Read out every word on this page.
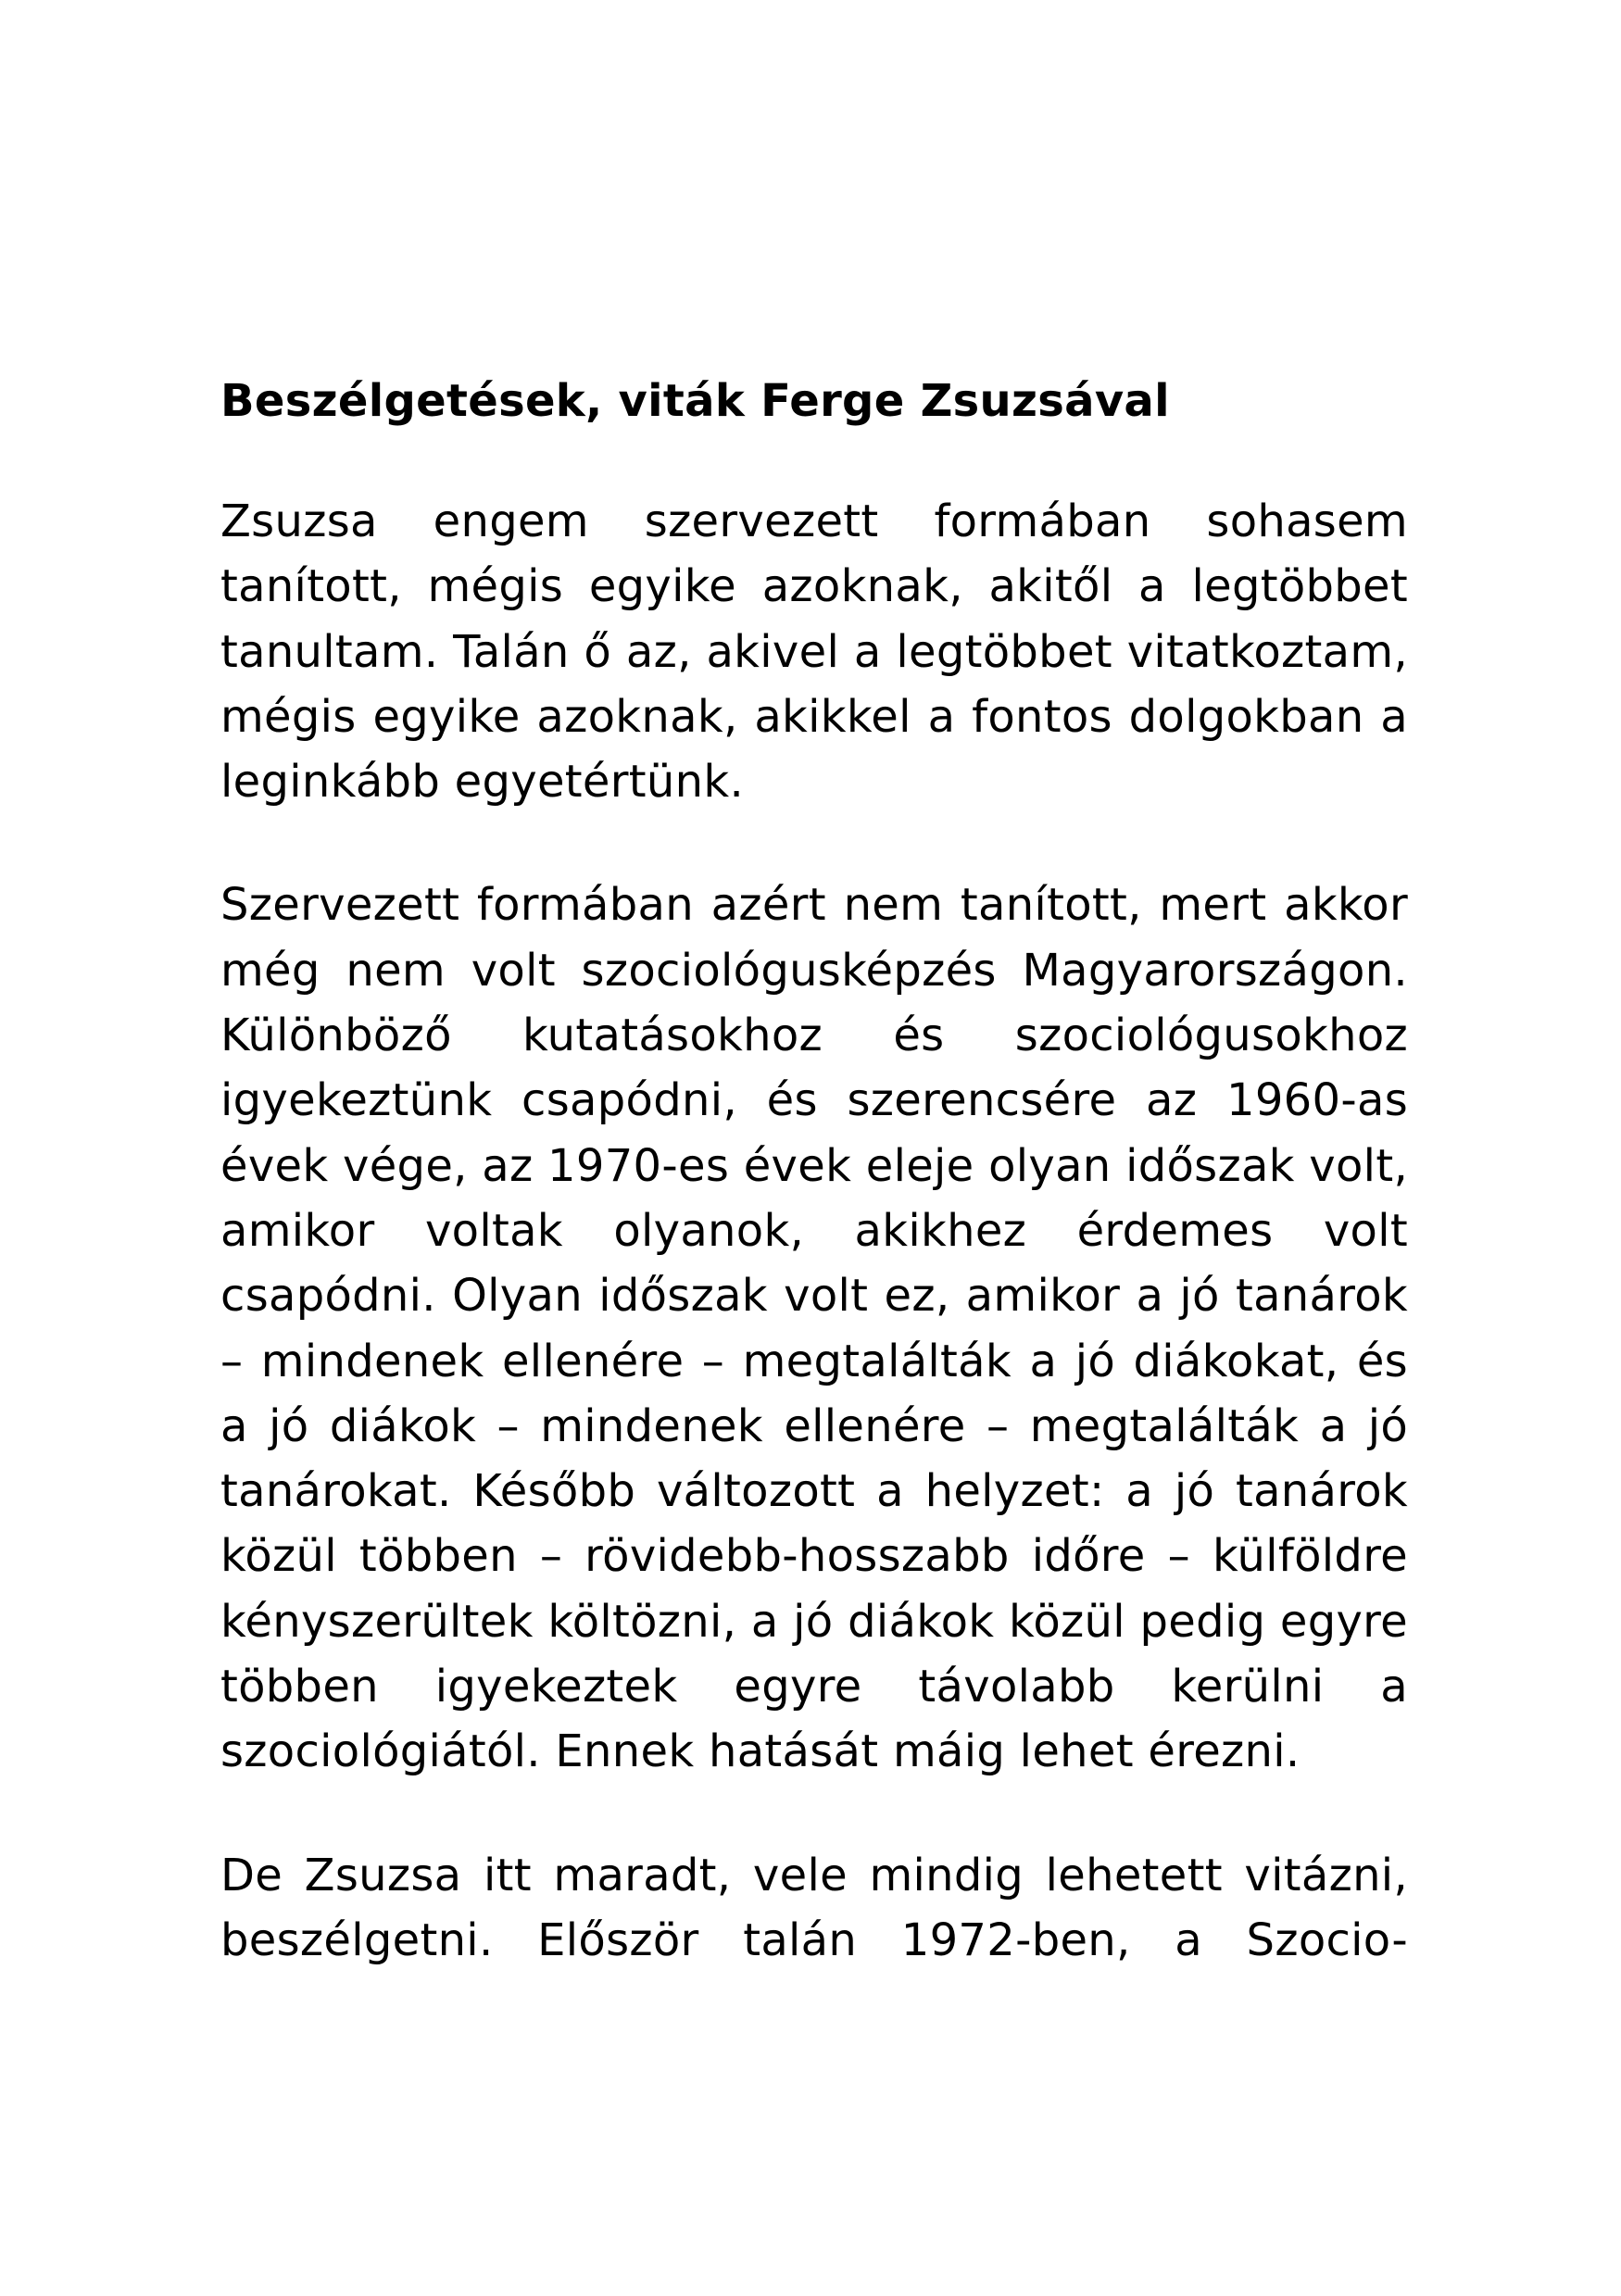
Beszélgetések, viták Ferge Zsuzsával

Zsuzsa engem szervezett formában sohasem tanított, mégis egyike azoknak, akitől a legtöbbet tanultam. Talán ő az, akivel a legtöbbet vitatkoztam, mégis egyike azoknak, akikkel a fontos dolgokban a leginkább egyetértünk.

Szervezett formában azért nem tanított, mert akkor még nem volt szociológusképzés Magyarországon. Különböző kutatásokhoz és szociológusokhoz igyekeztünk csapódni, és szerencsére az 1960-as évek vége, az 1970-es évek eleje olyan időszak volt, amikor voltak olyanok, akikhez érdemes volt csapódni. Olyan időszak volt ez, amikor a jó tanárok – mindenek ellenére – megtalálták a jó diákokat, és a jó diákok – mindenek ellenére – megtalálták a jó tanárokat. Később változott a helyzet: a jó tanárok közül többen – rövidebb-hosszabb időre – külföldre kényszerültek költözni, a jó diákok közül pedig egyre többen igyekeztek egyre távolabb kerülni a szociológiától. Ennek hatását máig lehet érezni.

De Zsuzsa itt maradt, vele mindig lehetett vitázni, beszélgetni. Először talán 1972-ben, a Szocio-
